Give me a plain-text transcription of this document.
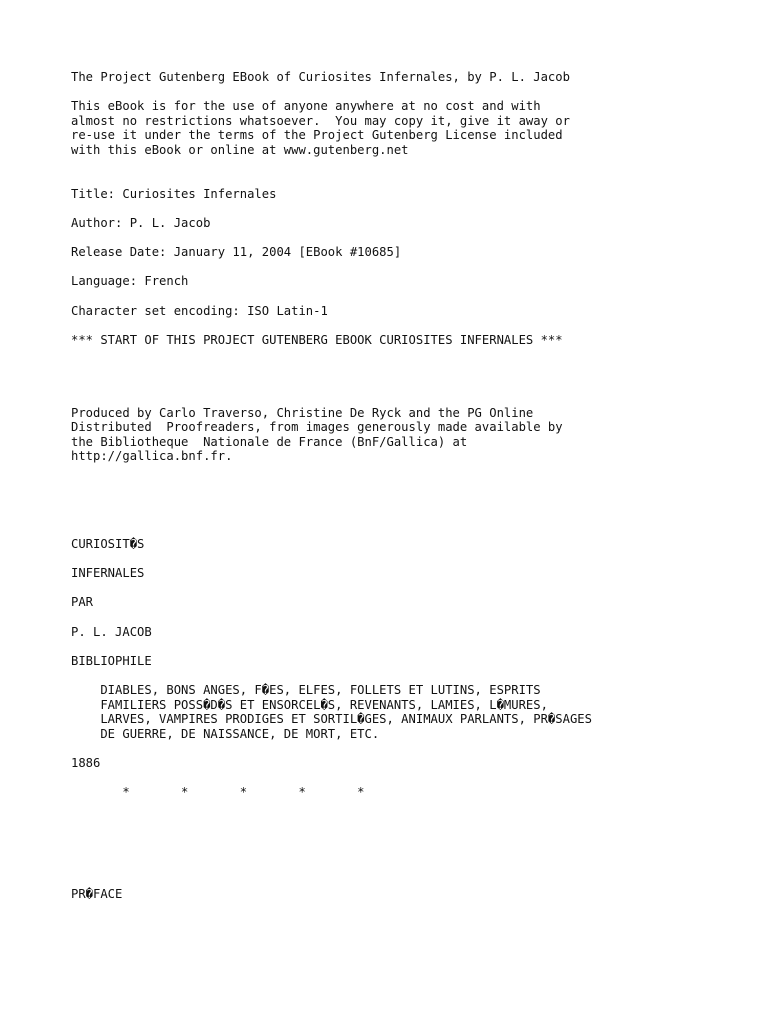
The Project Gutenberg EBook of Curiosites Infernales, by P. L. Jacob
This eBook is for the use of anyone anywhere at no cost and with
almost no restrictions whatsoever.  You may copy it, give it away or
re-use it under the terms of the Project Gutenberg License included
with this eBook or online at www.gutenberg.net
Title: Curiosites Infernales
Author: P. L. Jacob
Release Date: January 11, 2004 [EBook #10685]
Language: French
Character set encoding: ISO Latin-1
*** START OF THIS PROJECT GUTENBERG EBOOK CURIOSITES INFERNALES ***
Produced by Carlo Traverso, Christine De Ryck and the PG Online
Distributed  Proofreaders, from images generously made available by
the Bibliotheque  Nationale de France (BnF/Gallica) at
http://gallica.bnf.fr.
CURIOSIT�S
INFERNALES
PAR
P. L. JACOB
BIBLIOPHILE
DIABLES, BONS ANGES, F�ES, ELFES, FOLLETS ET LUTINS, ESPRITS
FAMILIERS POSS�D�S ET ENSORCEL�S, REVENANTS, LAMIES, L�MURES,
LARVES, VAMPIRES PRODIGES ET SORTIL�GES, ANIMAUX PARLANTS, PR�SAGES
DE GUERRE, DE NAISSANCE, DE MORT, ETC.
1886
*       *       *       *       *
PR�FACE
